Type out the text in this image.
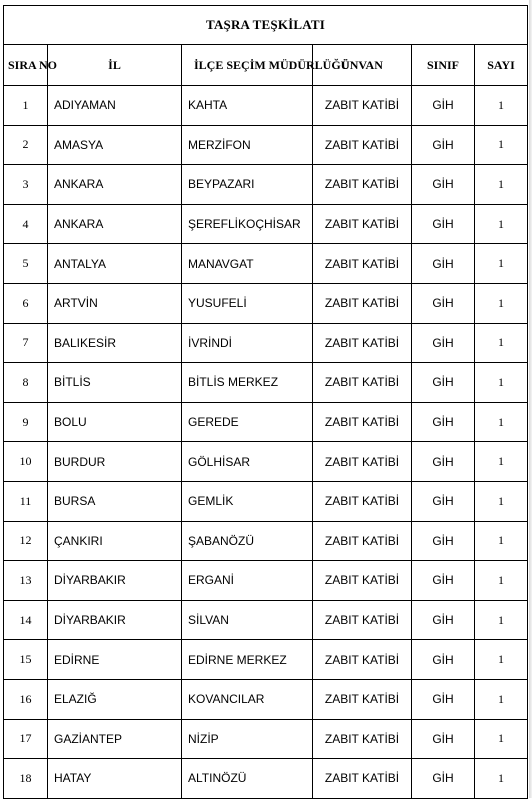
TAŞRA TEŞKİLATI					
SIRA NO	İL	İLÇE SEÇİM MÜDÜRLÜĞÜ	ÜNVAN	SINIF	SAYI
1	ADIYAMAN	KAHTA	ZABIT KATİBİ	GİH	1
2	AMASYA	MERZİFON	ZABIT KATİBİ	GİH	1
3	ANKARA	BEYPAZARI	ZABIT KATİBİ	GİH	1
4	ANKARA	ŞEREFLİKOÇHİSAR	ZABIT KATİBİ	GİH	1
5	ANTALYA	MANAVGAT	ZABIT KATİBİ	GİH	1
6	ARTVİN	YUSUFELİ	ZABIT KATİBİ	GİH	1
7	BALIKESİR	İVRİNDİ	ZABIT KATİBİ	GİH	1
8	BİTLİS	BİTLİS MERKEZ	ZABIT KATİBİ	GİH	1
9	BOLU	GEREDE	ZABIT KATİBİ	GİH	1
10	BURDUR	GÖLHİSAR	ZABIT KATİBİ	GİH	1
11	BURSA	GEMLİK	ZABIT KATİBİ	GİH	1
12	ÇANKIRI	ŞABANÖZÜ	ZABIT KATİBİ	GİH	1
13	DİYARBAKIR	ERGANİ	ZABIT KATİBİ	GİH	1
14	DİYARBAKIR	SİLVAN	ZABIT KATİBİ	GİH	1
15	EDİRNE	EDİRNE MERKEZ	ZABIT KATİBİ	GİH	1
16	ELAZIĞ	KOVANCILAR	ZABIT KATİBİ	GİH	1
17	GAZİANTEP	NİZİP	ZABIT KATİBİ	GİH	1
18	HATAY	ALTINÖZÜ	ZABIT KATİBİ	GİH	1
